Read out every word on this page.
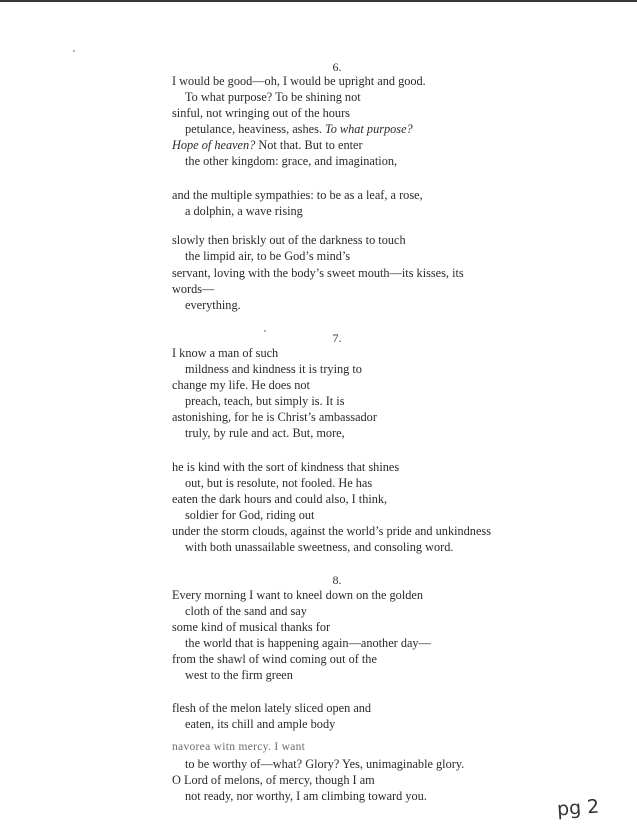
6.
I would be good—oh, I would be upright and good.
To what purpose? To be shining not
sinful, not wringing out of the hours
petulance, heaviness, ashes. To what purpose?
Hope of heaven? Not that. But to enter
the other kingdom: grace, and imagination,
and the multiple sympathies: to be as a leaf, a rose,
a dolphin, a wave rising
slowly then briskly out of the darkness to touch
the limpid air, to be God’s mind’s
servant, loving with the body’s sweet mouth—its kisses, its
words—
everything.
7.
I know a man of such
mildness and kindness it is trying to
change my life. He does not
preach, teach, but simply is. It is
astonishing, for he is Christ’s ambassador
truly, by rule and act. But, more,
he is kind with the sort of kindness that shines
out, but is resolute, not fooled. He has
eaten the dark hours and could also, I think,
soldier for God, riding out
under the storm clouds, against the world’s pride and unkindness
with both unassailable sweetness, and consoling word.
8.
Every morning I want to kneel down on the golden
cloth of the sand and say
some kind of musical thanks for
the world that is happening again—another day—
from the shawl of wind coming out of the
west to the firm green
flesh of the melon lately sliced open and
eaten, its chill and ample body
navorea witn mercy. I want
to be worthy of—what? Glory? Yes, unimaginable glory.
O Lord of melons, of mercy, though I am
not ready, nor worthy, I am climbing toward you.	pg 2
